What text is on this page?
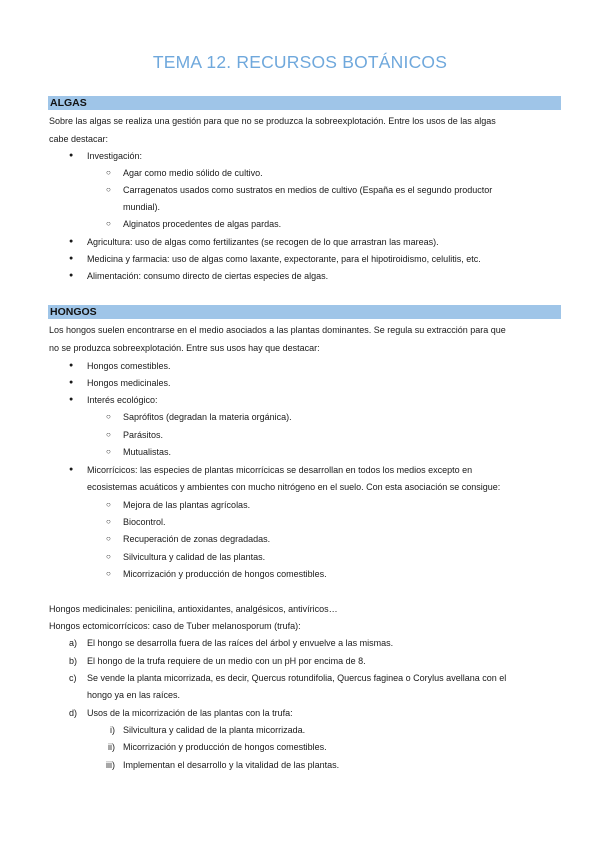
TEMA 12. RECURSOS BOTÁNICOS
ALGAS
Sobre las algas se realiza una gestión para que no se produzca la sobreexplotación. Entre los usos de las algas
cabe destacar:
● Investigación:
○ Agar como medio sólido de cultivo.
○ Carragenatos usados como sustratos en medios de cultivo (España es el segundo productor
mundial).
○ Alginatos procedentes de algas pardas.
● Agricultura: uso de algas como fertilizantes (se recogen de lo que arrastran las mareas).
● Medicina y farmacia: uso de algas como laxante, expectorante, para el hipotiroidismo, celulitis, etc.
● Alimentación: consumo directo de ciertas especies de algas.
HONGOS
Los hongos suelen encontrarse en el medio asociados a las plantas dominantes. Se regula su extracción para que
no se produzca sobreexplotación. Entre sus usos hay que destacar:
● Hongos comestibles.
● Hongos medicinales.
● Interés ecológico:
○ Saprófitos (degradan la materia orgánica).
○ Parásitos.
○ Mutualistas.
● Micorrícicos: las especies de plantas micorrícicas se desarrollan en todos los medios excepto en
ecosistemas acuáticos y ambientes con mucho nitrógeno en el suelo. Con esta asociación se consigue:
○ Mejora de las plantas agrícolas.
○ Biocontrol.
○ Recuperación de zonas degradadas.
○ Silvicultura y calidad de las plantas.
○ Micorrización y producción de hongos comestibles.
Hongos medicinales: penicilina, antioxidantes, analgésicos, antivíricos…
Hongos ectomicorrícicos: caso de Tuber melanosporum (trufa):
a) El hongo se desarrolla fuera de las raíces del árbol y envuelve a las mismas.
b) El hongo de la trufa requiere de un medio con un pH por encima de 8.
c) Se vende la planta micorrizada, es decir, Quercus rotundifolia, Quercus faginea o Corylus avellana con el
hongo ya en las raíces.
d) Usos de la micorrización de las plantas con la trufa:
i) Silvicultura y calidad de la planta micorrizada.
ii) Micorrización y producción de hongos comestibles.
iii) Implementan el desarrollo y la vitalidad de las plantas.
